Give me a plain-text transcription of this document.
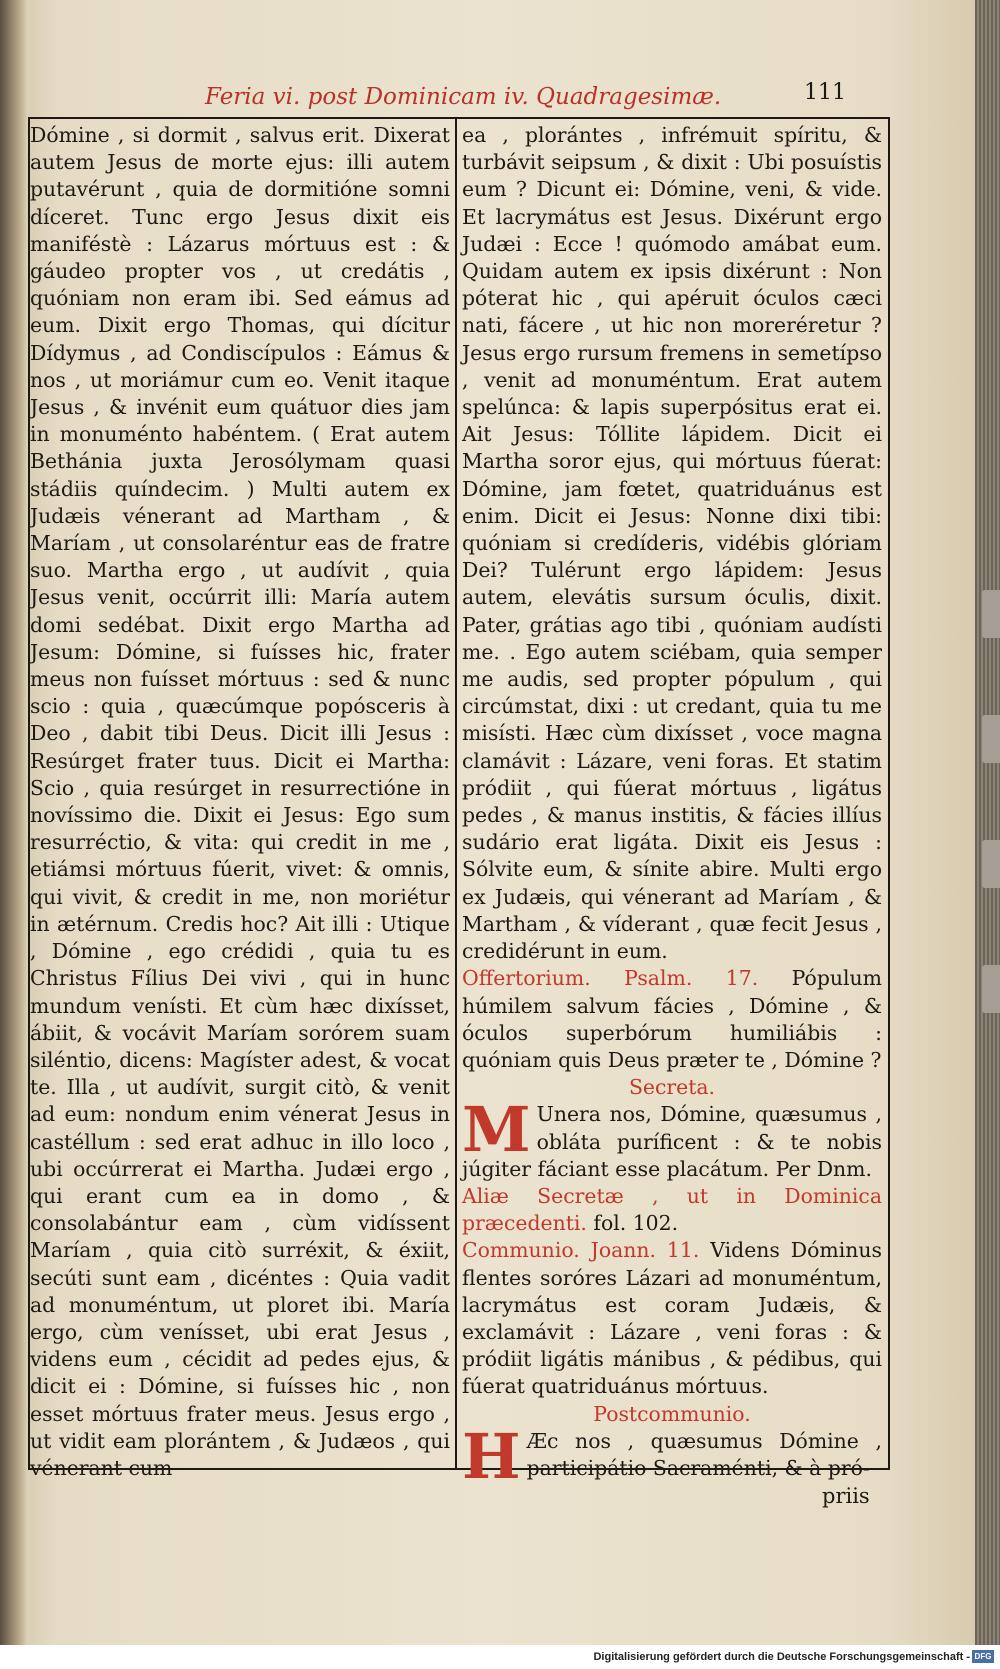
Feria vi. post Dominicam iv. Quadragesimæ.	111

Dómine , si dormit , salvus erit. Dixerat autem Jesus de morte ejus: illi autem putavérunt , quia de dormitióne somni díceret. Tunc ergo Jesus dixit eis maniféstè : Lázarus mórtuus est : & gáudeo propter vos , ut credátis , quóniam non eram ibi. Sed eámus ad eum. Dixit ergo Thomas, qui dícitur Dídymus , ad Condiscípulos : Eámus & nos , ut moriámur cum eo. Venit itaque Jesus , & invénit eum quátuor dies jam in monuménto habéntem. ( Erat autem Bethánia juxta Jerosólymam quasi stádiis quíndecim. ) Multi autem ex Judæis vénerant ad Martham , & Maríam , ut consolaréntur eas de fratre suo. Martha ergo , ut audívit , quia Jesus venit, occúrrit illi: María autem domi sedébat. Dixit ergo Martha ad Jesum: Dómine, si fuísses hic, frater meus non fuísset mórtuus : sed & nunc scio : quia , quæcúmque popósceris à Deo , dabit tibi Deus. Dicit illi Jesus : Resúrget frater tuus. Dicit ei Martha: Scio , quia resúrget in resurrectióne in novíssimo die. Dixit ei Jesus: Ego sum resurréctio, & vita: qui credit in me , etiámsi mórtuus fúerit, vivet: & omnis, qui vivit, & credit in me, non moriétur in ætérnum. Credis hoc? Ait illi : Utique , Dómine , ego crédidi , quia tu es Christus Fílius Dei vivi , qui in hunc mundum venísti. Et cùm hæc dixísset, ábiit, & vocávit Maríam sorórem suam siléntio, dicens: Magíster adest, & vocat te. Illa , ut audívit, surgit citò, & venit ad eum: nondum enim vénerat Jesus in castéllum : sed erat adhuc in illo loco , ubi occúrrerat ei Martha. Judæi ergo , qui erant cum ea in domo , & consolabántur eam , cùm vidíssent Maríam , quia citò surréxit, & éxiit, secúti sunt eam , dicéntes : Quia vadit ad monuméntum, ut ploret ibi. María ergo, cùm venísset, ubi erat Jesus , videns eum , cécidit ad pedes ejus, & dicit ei : Dómine, si fuísses hic , non esset mórtuus frater meus. Jesus ergo , ut vidit eam plorántem , & Judæos , qui vénerant cum

ea , plorántes , infrémuit spíritu, & turbávit seipsum , & dixit : Ubi posuístis eum ? Dicunt ei: Dómine, veni, & vide. Et lacrymátus est Jesus. Dixérunt ergo Judæi : Ecce ! quómodo amábat eum. Quidam autem ex ipsis dixérunt : Non póterat hic , qui apéruit óculos cæci nati, fácere , ut hic non moreréretur ? Jesus ergo rursum fremens in semetípso , venit ad monuméntum. Erat autem spelúnca: & lapis superpósitus erat ei. Ait Jesus: Tóllite lápidem. Dicit ei Martha soror ejus, qui mórtuus fúerat: Dómine, jam fœtet, quatriduánus est enim. Dicit ei Jesus: Nonne dixi tibi: quóniam si credíderis, vidébis glóriam Dei? Tulérunt ergo lápidem: Jesus autem, elevátis sursum óculis, dixit. Pater, grátias ago tibi , quóniam audísti me. . Ego autem sciébam, quia semper me audis, sed propter pópulum , qui circúmstat, dixi : ut credant, quia tu me misísti. Hæc cùm dixísset , voce magna clamávit : Lázare, veni foras. Et statim pródiit , qui fúerat mórtuus , ligátus pedes , & manus institis, & fácies illíus sudário erat ligáta. Dixit eis Jesus : Sólvite eum, & sínite abire. Multi ergo ex Judæis, qui vénerant ad Maríam , & Martham , & víderant , quæ fecit Jesus , credidérunt in eum.

Offertorium. Psalm. 17. Pópulum húmilem salvum fácies , Dómine , & óculos superbórum humiliábis : quóniam quis Deus præter te , Dómine ?

Secreta.

M Unera nos, Dómine, quæsumus , obláta puríficent : & te nobis júgiter fáciant esse placátum. Per Dnm.

Aliæ Secretæ , ut in Dominica præcedenti. fol. 102.

Communio. Joann. 11. Videns Dóminus flentes soróres Lázari ad monuméntum, lacrymátus est coram Judæis, & exclamávit : Lázare , veni foras : & pródiit ligátis mánibus , & pédibus, qui fúerat quatriduánus mórtuus.

Postcommunio.

H Æc nos , quæsumus Dómine , participátio Sacraménti, & à pró-

priis
Digitalisierung gefördert durch die Deutsche Forschungsgemeinschaft - DFG
